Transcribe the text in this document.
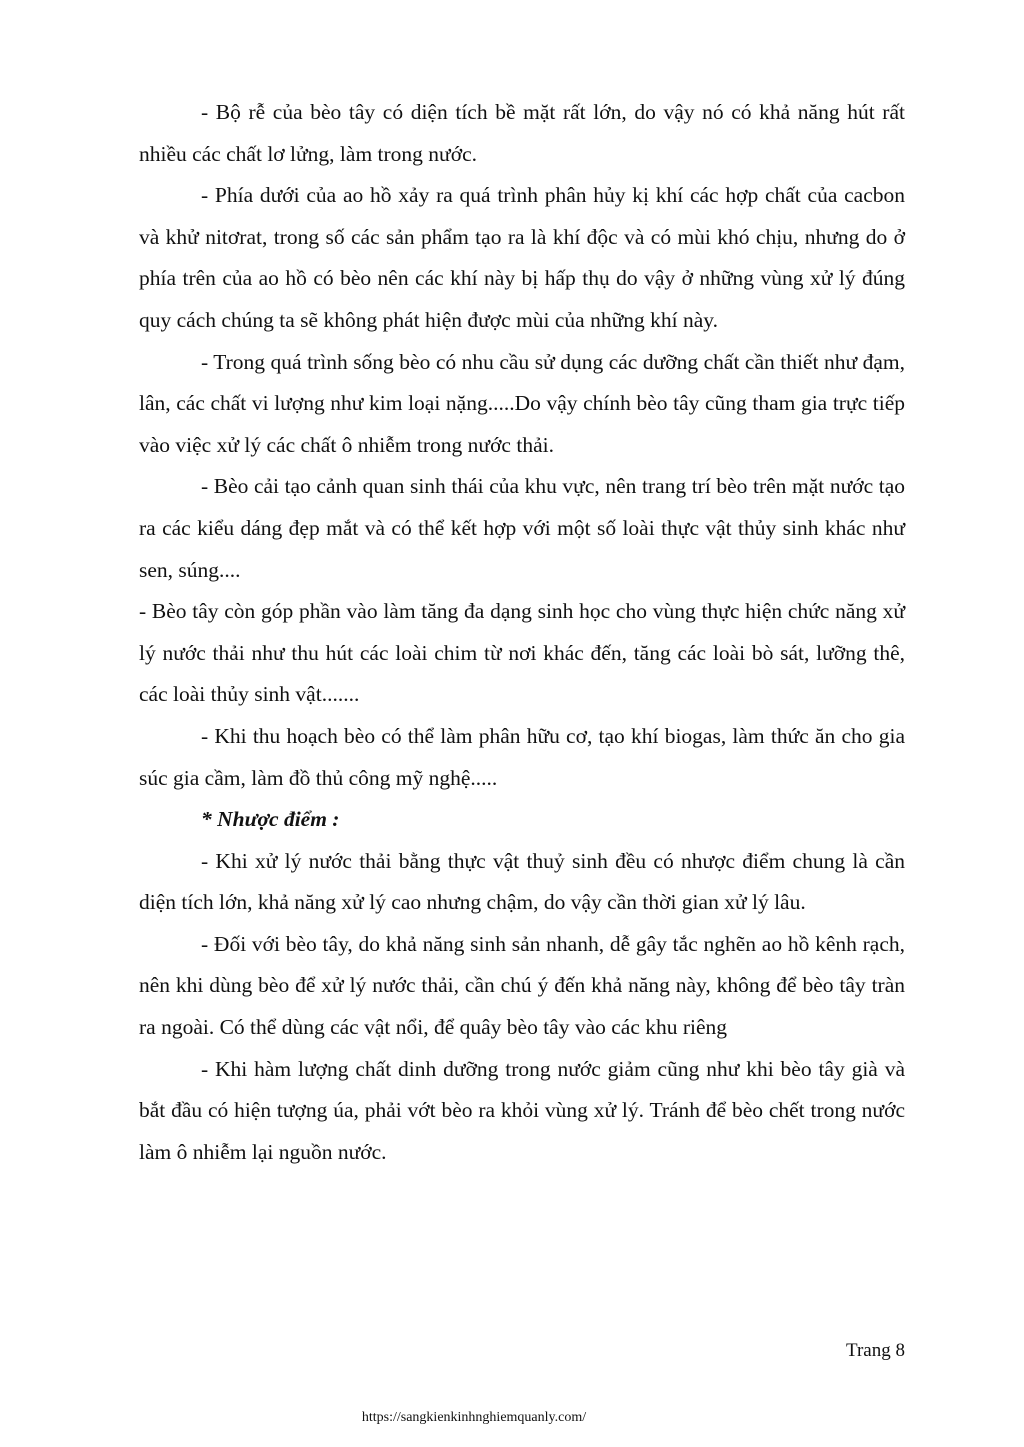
- Bộ rễ của bèo tây có diện tích bề mặt rất lớn, do vậy nó có khả năng hút rất nhiều các chất lơ lửng, làm trong nước.

- Phía dưới của ao hồ xảy ra quá trình phân hủy kị khí các hợp chất của cacbon và khử nitơrat, trong số các sản phẩm tạo ra là khí độc và có mùi khó chịu, nhưng do ở phía trên của ao hồ có bèo nên các khí này bị hấp thụ do vậy ở những vùng xử lý đúng quy cách chúng ta sẽ không phát hiện được mùi của những khí này.

- Trong quá trình sống bèo có nhu cầu sử dụng các dưỡng chất cần thiết như đạm, lân, các chất vi lượng như kim loại nặng.....Do vậy chính bèo tây cũng tham gia trực tiếp vào việc xử lý các chất ô nhiễm trong nước thải.

- Bèo cải tạo cảnh quan sinh thái của khu vực, nên trang trí bèo trên mặt nước tạo ra các kiểu dáng đẹp mắt và có thể kết hợp với một số loài thực vật thủy sinh khác như sen, súng....

- Bèo tây còn góp phần vào làm tăng đa dạng sinh học cho vùng thực hiện chức năng xử lý nước thải như thu hút các loài chim từ nơi khác đến, tăng các loài bò sát, lưỡng thê, các loài thủy sinh vật.......

- Khi thu hoạch bèo có thể làm phân hữu cơ, tạo khí biogas, làm thức ăn cho gia súc gia cầm, làm đồ thủ công mỹ nghệ.....

* Nhược điểm :

- Khi xử lý nước thải bằng thực vật thuỷ sinh đều có nhược điểm chung là cần diện tích lớn, khả năng xử lý cao nhưng chậm, do vậy cần thời gian xử lý lâu.

- Đối với bèo tây, do khả năng sinh sản nhanh, dễ gây tắc nghẽn ao hồ kênh rạch, nên khi dùng bèo để xử lý nước thải, cần chú ý đến khả năng này, không để bèo tây tràn ra ngoài. Có thể dùng các vật nổi, để quây bèo tây vào các khu riêng

- Khi hàm lượng chất dinh dưỡng trong nước giảm cũng như khi bèo tây già và bắt đầu có hiện tượng úa, phải vớt bèo ra khỏi vùng xử lý. Tránh để bèo chết trong nước làm ô nhiễm lại nguồn nước.

Trang 8
https://sangkienkinhnghiemquanly.com/
